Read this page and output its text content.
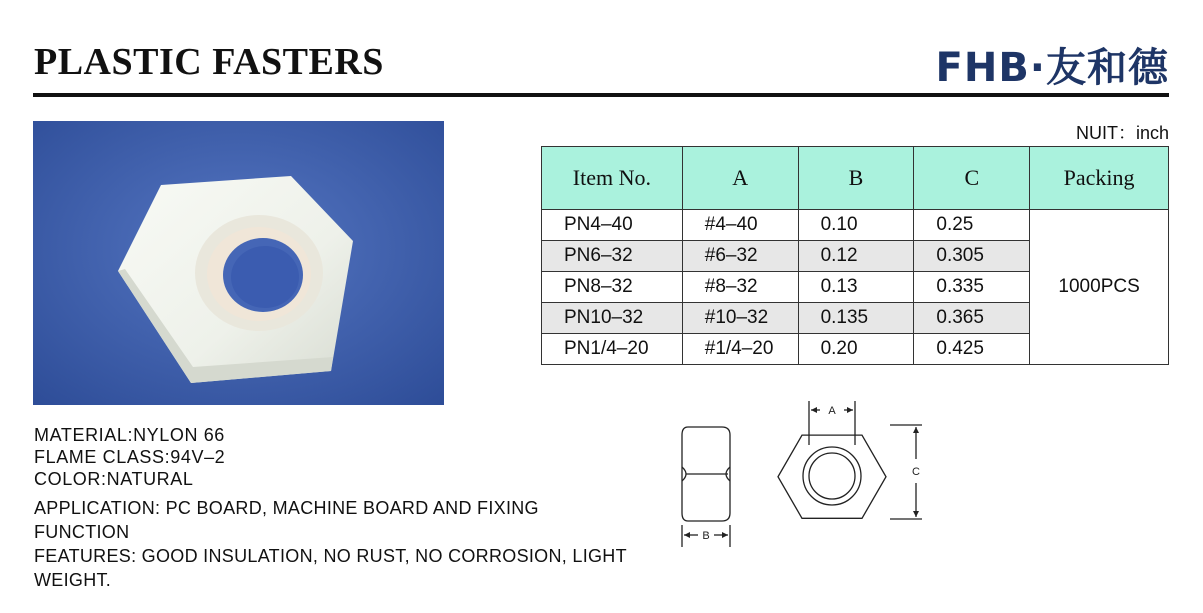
PLASTIC FASTERS	FHB·友和德
NUIT：inch
Item No.	A	B	C	Packing
PN4–40	#4–40	0.10	0.25	1000PCS
PN6–32	#6–32	0.12	0.305	
PN8–32	#8–32	0.13	0.335	
PN10–32	#10–32	0.135	0.365	
PN1/4–20	#1/4–20	0.20	0.425	
MATERIAL:NYLON 66
FLAME CLASS:94V–2
COLOR:NATURAL
APPLICATION: PC BOARD, MACHINE BOARD AND FIXING FUNCTION
FEATURES: GOOD INSULATION, NO RUST, NO CORROSION, LIGHT WEIGHT.
B
A
C
